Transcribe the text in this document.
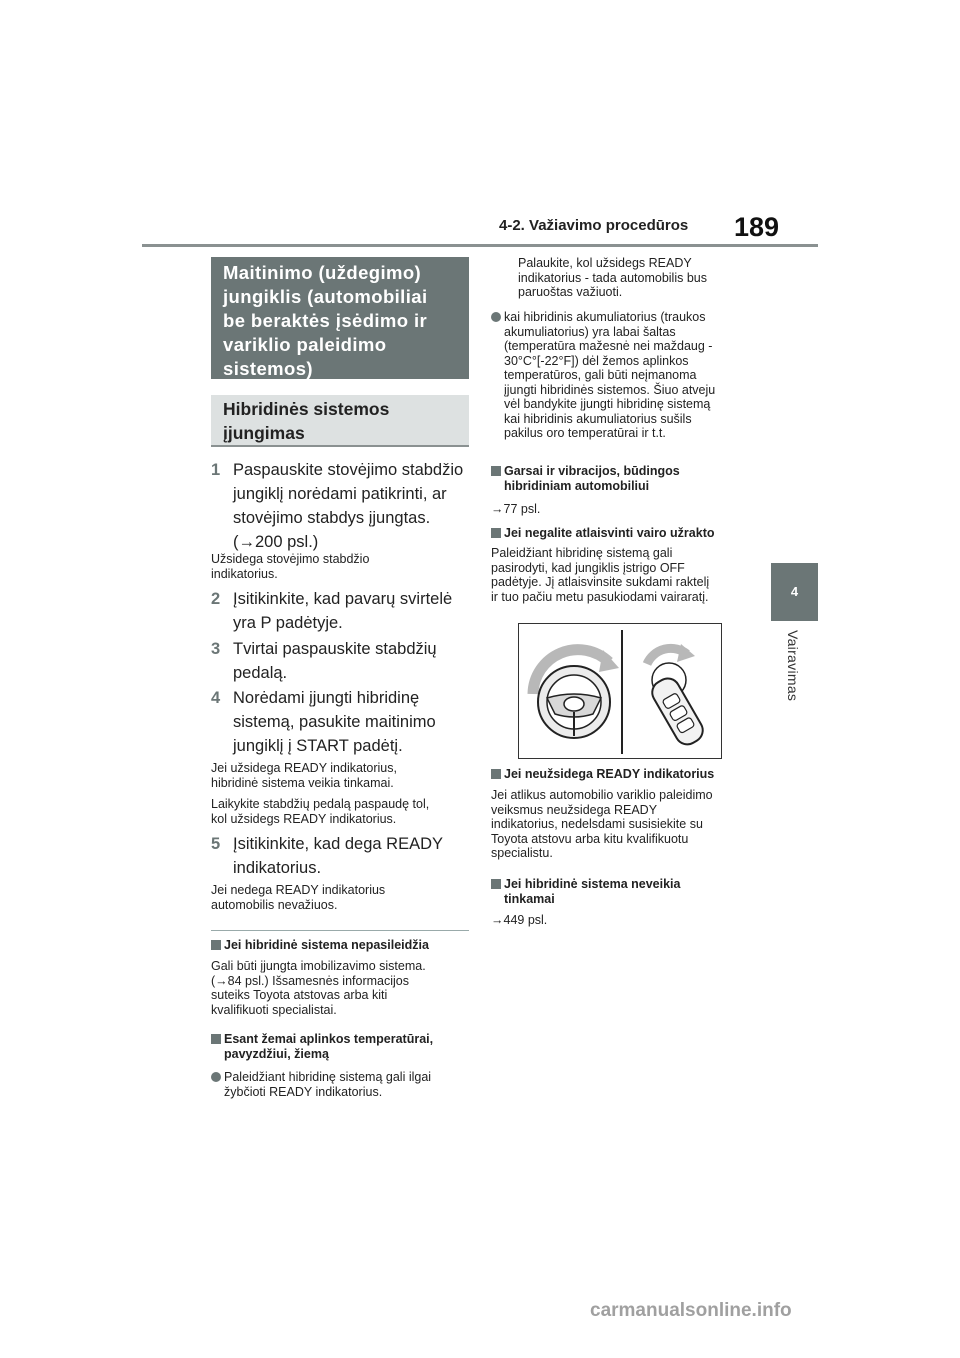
4-2. Važiavimo procedūros 189
4
Vairavimas
Maitinimo (uždegimo)
jungiklis (automobiliai
be beraktės įsėdimo ir
variklio paleidimo
sistemos)
Hibridinės sistemos
įjungimas
1 Paspauskite stovėjimo stabdžio
jungiklį norėdami patikrinti, ar
stovėjimo stabdys įjungtas.
(→200 psl.)
Užsidega stovėjimo stabdžio
indikatorius.
2 Įsitikinkite, kad pavarų svirtelė
yra P padėtyje.
3 Tvirtai paspauskite stabdžių
pedalą.
4 Norėdami įjungti hibridinę
sistemą, pasukite maitinimo
jungiklį į START padėtį.
Jei užsidega READY indikatorius,
hibridinė sistema veikia tinkamai.
Laikykite stabdžių pedalą paspaudę tol,
kol užsidegs READY indikatorius.
5 Įsitikinkite, kad dega READY
indikatorius.
Jei nedega READY indikatorius
automobilis nevažiuos.
Jei hibridinė sistema nepasileidžia
Gali būti įjungta imobilizavimo sistema.
(→84 psl.) Išsamesnės informacijos
suteiks Toyota atstovas arba kiti
kvalifikuoti specialistai.
Esant žemai aplinkos temperatūrai,
pavyzdžiui, žiemą
Paleidžiant hibridinę sistemą gali ilgai
žybčioti READY indikatorius.
Palaukite, kol užsidegs READY
indikatorius - tada automobilis bus
paruoštas važiuoti.
kai hibridinis akumuliatorius (traukos
akumuliatorius) yra labai šaltas
(temperatūra mažesnė nei maždaug -
30°C°[-22°F]) dėl žemos aplinkos
temperatūros, gali būti neįmanoma
įjungti hibridinės sistemos. Šiuo atveju
vėl bandykite įjungti hibridinę sistemą
kai hibridinis akumuliatorius sušils
pakilus oro temperatūrai ir t.t.
Garsai ir vibracijos, būdingos
hibridiniam automobiliui
→77 psl.
Jei negalite atlaisvinti vairo užrakto
Paleidžiant hibridinę sistemą gali
pasirodyti, kad jungiklis įstrigo OFF
padėtyje. Jį atlaisvinsite sukdami raktelį
ir tuo pačiu metu pasukiodami vairaratį.
Jei neužsidega READY indikatorius
Jei atlikus automobilio variklio paleidimo
veiksmus neužsidega READY
indikatorius, nedelsdami susisiekite su
Toyota atstovu arba kitu kvalifikuotu
specialistu.
Jei hibridinė sistema neveikia
tinkamai
→449 psl.
carmanualsonline.info
